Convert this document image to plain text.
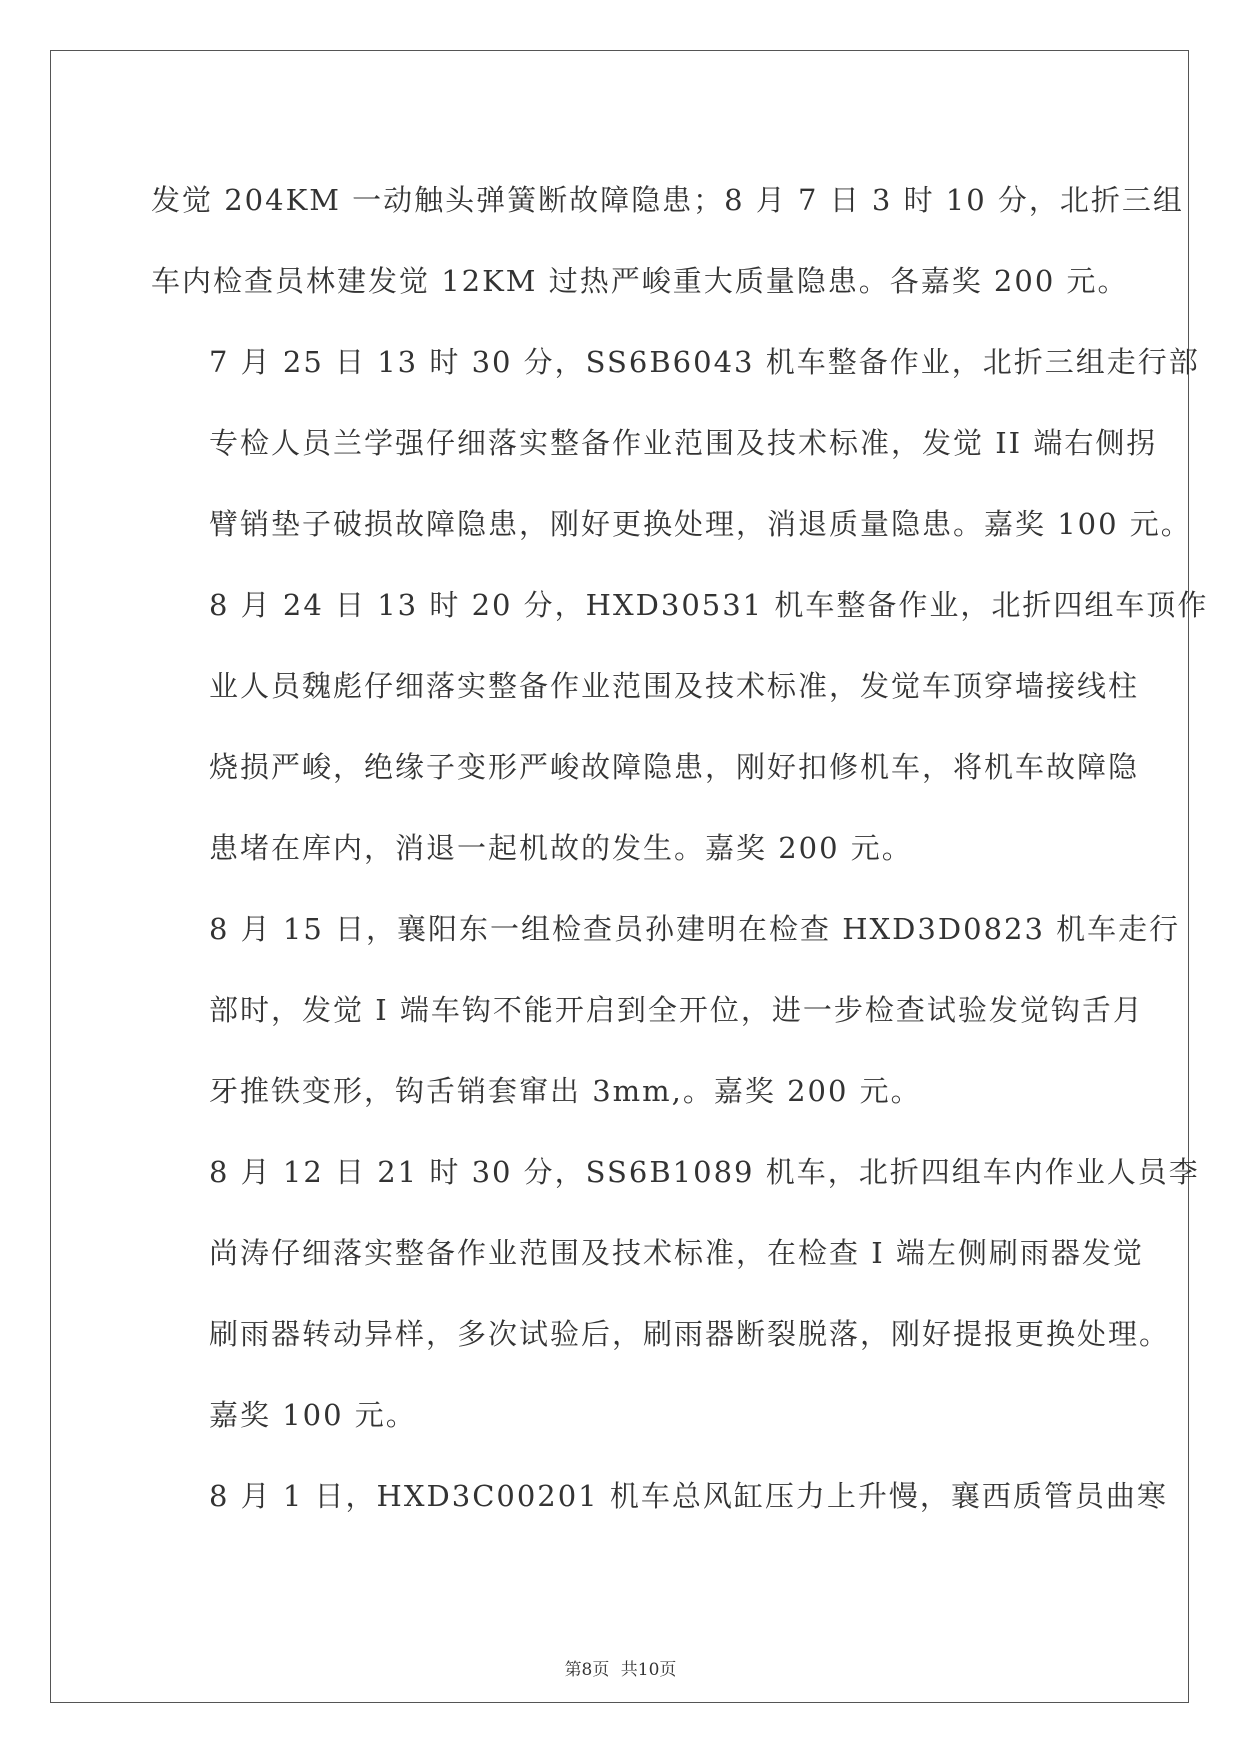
发觉 204KM 一动触头弹簧断故障隐患；8 月 7 日 3 时 10 分，北折三组
车内检查员林建发觉 12KM 过热严峻重大质量隐患。各嘉奖 200 元。
7 月 25 日 13 时 30 分，SS6B6043 机车整备作业，北折三组走行部
专检人员兰学强仔细落实整备作业范围及技术标准，发觉 II 端右侧拐
臂销垫子破损故障隐患，刚好更换处理，消退质量隐患。嘉奖 100 元。
8 月 24 日 13 时 20 分，HXD30531 机车整备作业，北折四组车顶作
业人员魏彪仔细落实整备作业范围及技术标准，发觉车顶穿墙接线柱
烧损严峻，绝缘子变形严峻故障隐患，刚好扣修机车，将机车故障隐
患堵在库内，消退一起机故的发生。嘉奖 200 元。
8 月 15 日，襄阳东一组检查员孙建明在检查 HXD3D0823 机车走行
部时，发觉 I 端车钩不能开启到全开位，进一步检查试验发觉钩舌月
牙推铁变形，钩舌销套窜出 3mm,。嘉奖 200 元。
8 月 12 日 21 时 30 分，SS6B1089 机车，北折四组车内作业人员李
尚涛仔细落实整备作业范围及技术标准，在检查 I 端左侧刷雨器发觉
刷雨器转动异样，多次试验后，刷雨器断裂脱落，刚好提报更换处理。
嘉奖 100 元。
8 月 1 日，HXD3C00201 机车总风缸压力上升慢，襄西质管员曲寒
第8页 共10页
